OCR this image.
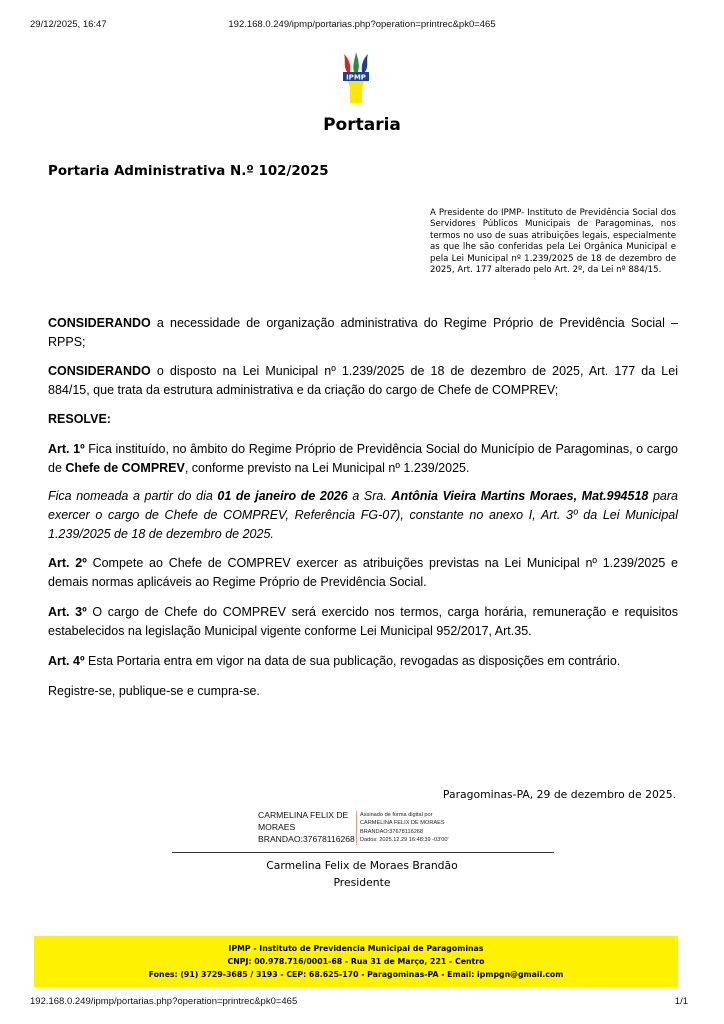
29/12/2025, 16:47	192.168.0.249/ipmp/portarias.php?operation=printrec&pk0=465
IPMP
Portaria
Portaria Administrativa N.º 102/2025

A Presidente do IPMP- Instituto de Previdência Social dos Servidores Públicos Municipais de Paragominas, nos termos no uso de suas atribuições legais, especialmente as que lhe são conferidas pela Lei Orgânica Municipal e pela Lei Municipal nº 1.239/2025 de 18 de dezembro de 2025, Art. 177 alterado pelo Art. 2º, da Lei nº 884/15.

CONSIDERANDO a necessidade de organização administrativa do Regime Próprio de Previdência Social – RPPS;

CONSIDERANDO o disposto na Lei Municipal nº 1.239/2025 de 18 de dezembro de 2025, Art. 177 da Lei 884/15, que trata da estrutura administrativa e da criação do cargo de Chefe de COMPREV;

RESOLVE:

Art. 1º Fica instituído, no âmbito do Regime Próprio de Previdência Social do Município de Paragominas, o cargo de Chefe de COMPREV, conforme previsto na Lei Municipal nº 1.239/2025.

Fica nomeada a partir do dia 01 de janeiro de 2026 a Sra. Antônia Vieira Martins Moraes, Mat.994518 para exercer o cargo de Chefe de COMPREV, Referência FG-07), constante no anexo I, Art. 3º da Lei Municipal 1.239/2025 de 18 de dezembro de 2025.

Art. 2º Compete ao Chefe de COMPREV exercer as atribuições previstas na Lei Municipal nº 1.239/2025 e demais normas aplicáveis ao Regime Próprio de Previdência Social.

Art. 3º O cargo de Chefe do COMPREV será exercido nos termos, carga horária, remuneração e requisitos estabelecidos na legislação Municipal vigente conforme Lei Municipal 952/2017, Art.35.

Art. 4º Esta Portaria entra em vigor na data de sua publicação, revogadas as disposições em contrário.

Registre-se, publique-se e cumpra-se.

Paragominas-PA, 29 de dezembro de 2025.
CARMELINA FELIX DE
MORAES
BRANDAO:37678116268
Assinado de forma digital por
CARMELINA FELIX DE MORAES
BRANDAO:37678116268
Dados: 2025.12.29 16:48:39 -03'00'
Carmelina Felix de Moraes Brandão
Presidente
IPMP - Instituto de Previdencia Municipal de Paragominas
CNPJ: 00.978.716/0001-68 - Rua 31 de Março, 221 - Centro
Fones: (91) 3729-3685 / 3193 - CEP: 68.625-170 - Paragominas-PA - Email: ipmpgn@gmail.com
192.168.0.249/ipmp/portarias.php?operation=printrec&pk0=465	1/1
